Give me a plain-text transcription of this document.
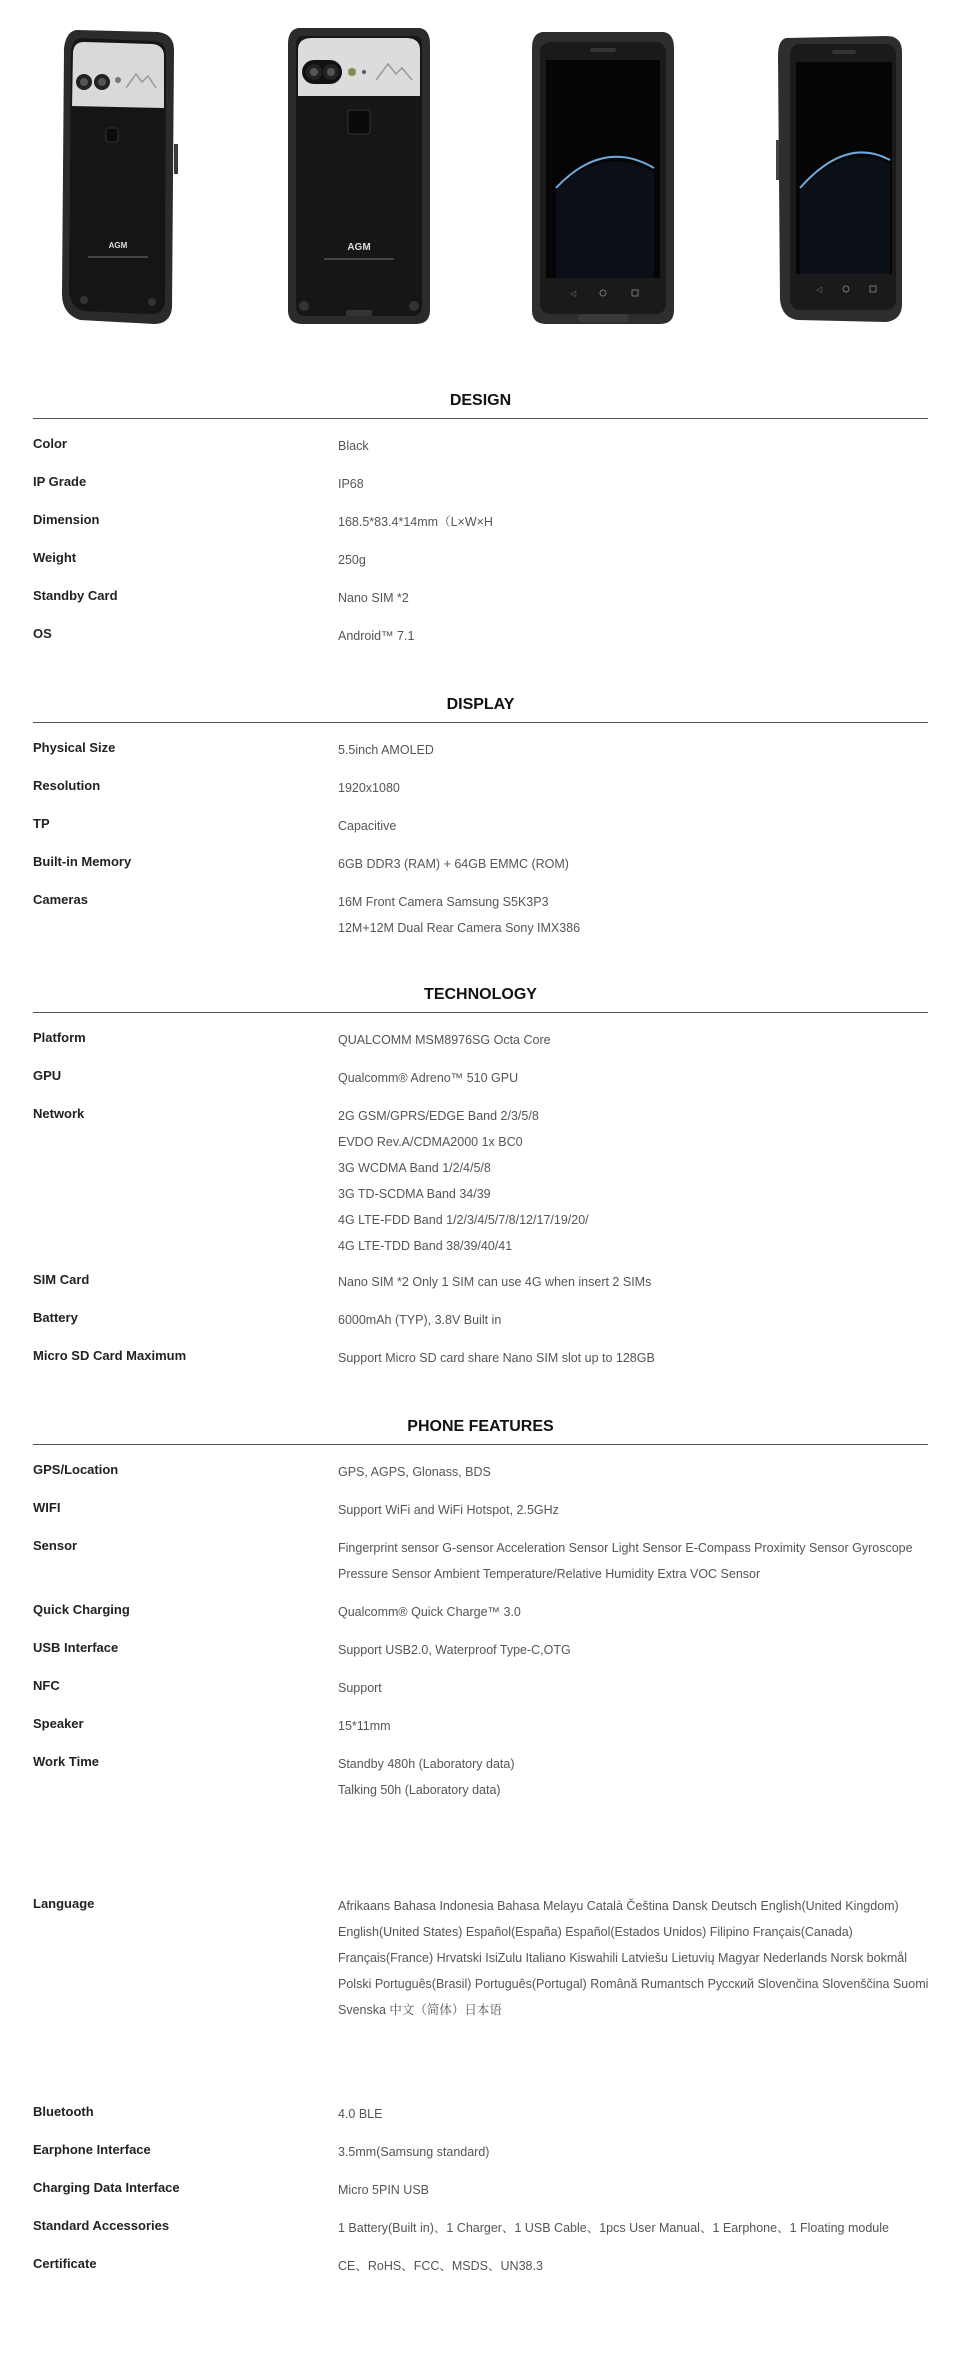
AGM	AGM
◁	◁
DESIGN
DISPLAY
TECHNOLOGY
PHONE FEATURES
Color	Black
IP Grade	IP68
Dimension	168.5*83.4*14mm（L×W×H
Weight	250g
Standby Card	Nano SIM *2
OS	Android™ 7.1
Physical Size	5.5inch AMOLED
Resolution	1920x1080
TP	Capacitive
Built-in Memory	6GB DDR3 (RAM) + 64GB EMMC (ROM)
Cameras	16M Front Camera Samsung S5K3P3
12M+12M Dual Rear Camera Sony IMX386
Platform	QUALCOMM MSM8976SG Octa Core
GPU	Qualcomm® Adreno™ 510 GPU
Network	2G GSM/GPRS/EDGE Band 2/3/5/8
EVDO Rev.A/CDMA2000 1x BC0
3G WCDMA Band 1/2/4/5/8
3G TD-SCDMA Band 34/39
4G LTE-FDD Band 1/2/3/4/5/7/8/12/17/19/20/
4G LTE-TDD Band 38/39/40/41
SIM Card	Nano SIM *2 Only 1 SIM can use 4G when insert 2 SIMs
Battery	6000mAh (TYP), 3.8V Built in
Micro SD Card Maximum	Support Micro SD card share Nano SIM slot up to 128GB
GPS/Location	GPS, AGPS, Glonass, BDS
WIFI	Support WiFi and WiFi Hotspot, 2.5GHz
Sensor	Fingerprint sensor G-sensor Acceleration Sensor Light Sensor E-Compass Proximity Sensor Gyroscope
Pressure Sensor Ambient Temperature/Relative Humidity Extra VOC Sensor
Quick Charging	Qualcomm® Quick Charge™ 3.0
USB Interface	Support USB2.0, Waterproof Type-C,OTG
NFC	Support
Speaker	15*11mm
Work Time	Standby 480h (Laboratory data)
Talking 50h (Laboratory data)
Language	Afrikaans Bahasa Indonesia Bahasa Melayu Català Čeština Dansk Deutsch English(United Kingdom)
English(United States) Español(España) Español(Estados Unidos) Filipino Français(Canada)
Français(France) Hrvatski IsiZulu Italiano Kiswahili Latviešu Lietuvių Magyar Nederlands Norsk bokmål
Polski Português(Brasil) Português(Portugal) Română Rumantsch Русский Slovenčina Slovenščina Suomi
Svenska 中文（简体）日本语
Bluetooth	4.0 BLE
Earphone Interface	3.5mm(Samsung standard)
Charging Data Interface	Micro 5PIN USB
Standard Accessories	1 Battery(Built in)、1 Charger、1 USB Cable、1pcs User Manual、1 Earphone、1 Floating module
Certificate	CE、RoHS、FCC、MSDS、UN38.3
